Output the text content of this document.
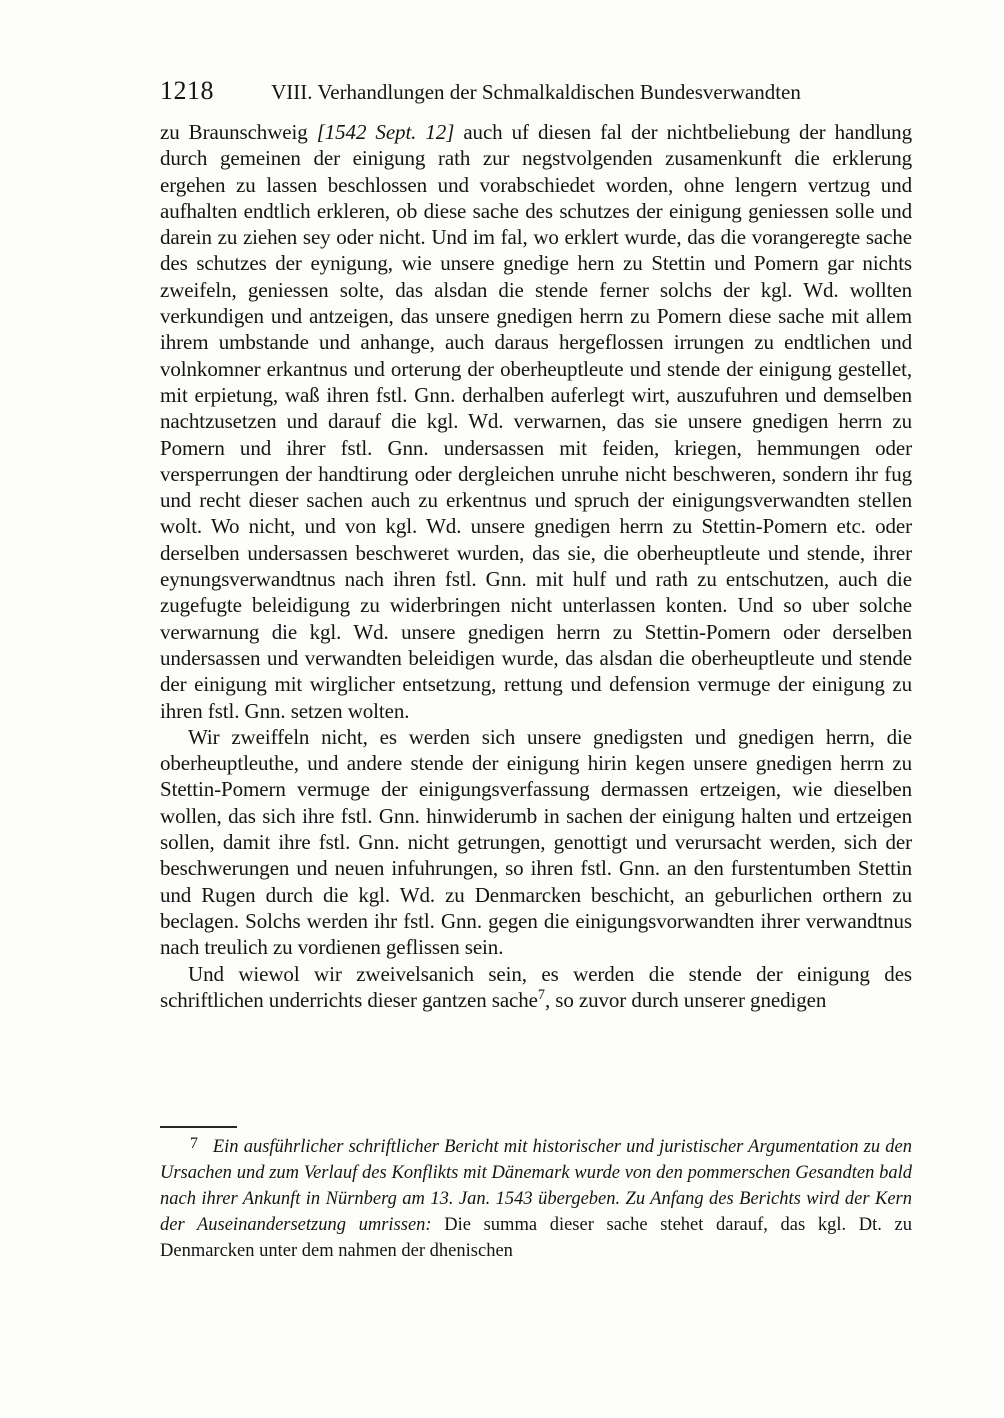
1218	VIII. Verhandlungen der Schmalkaldischen Bundesverwandten

zu Braunschweig [1542 Sept. 12] auch uf diesen fal der nichtbeliebung der handlung durch gemeinen der einigung rath zur negstvolgenden zusamenkunft die erklerung ergehen zu lassen beschlossen und vorabschiedet worden, ohne lengern vertzug und aufhalten endtlich erkleren, ob diese sache des schutzes der einigung geniessen solle und darein zu ziehen sey oder nicht. Und im fal, wo erklert wurde, das die vorangeregte sache des schutzes der eynigung, wie unsere gnedige hern zu Stettin und Pomern gar nichts zweifeln, geniessen solte, das alsdan die stende ferner solchs der kgl. Wd. wollten verkundigen und antzeigen, das unsere gnedigen herrn zu Pomern diese sache mit allem ihrem umbstande und anhange, auch daraus hergeflossen irrungen zu endtlichen und volnkomner erkantnus und orterung der oberheuptleute und stende der einigung gestellet, mit erpietung, waß ihren fstl. Gnn. derhalben auferlegt wirt, auszufuhren und demselben nachtzusetzen und darauf die kgl. Wd. verwarnen, das sie unsere gnedigen herrn zu Pomern und ihrer fstl. Gnn. undersassen mit feiden, kriegen, hemmungen oder versperrungen der handtirung oder dergleichen unruhe nicht beschweren, sondern ihr fug und recht dieser sachen auch zu erkentnus und spruch der einigungsverwandten stellen wolt. Wo nicht, und von kgl. Wd. unsere gnedigen herrn zu Stettin-Pomern etc. oder derselben undersassen beschweret wurden, das sie, die oberheuptleute und stende, ihrer eynungsverwandtnus nach ihren fstl. Gnn. mit hulf und rath zu entschutzen, auch die zugefugte beleidigung zu widerbringen nicht unterlassen konten. Und so uber solche verwarnung die kgl. Wd. unsere gnedigen herrn zu Stettin-Pomern oder derselben undersassen und verwandten beleidigen wurde, das alsdan die oberheuptleute und stende der einigung mit wirglicher entsetzung, rettung und defension vermuge der einigung zu ihren fstl. Gnn. setzen wolten.

Wir zweiffeln nicht, es werden sich unsere gnedigsten und gnedigen herrn, die oberheuptleuthe, und andere stende der einigung hirin kegen unsere gnedigen herrn zu Stettin-Pomern vermuge der einigungsverfassung dermassen ertzeigen, wie dieselben wollen, das sich ihre fstl. Gnn. hinwiderumb in sachen der einigung halten und ertzeigen sollen, damit ihre fstl. Gnn. nicht getrungen, genottigt und verursacht werden, sich der beschwerungen und neuen infuhrungen, so ihren fstl. Gnn. an den furstentumben Stettin und Rugen durch die kgl. Wd. zu Denmarcken beschicht, an geburlichen orthern zu beclagen. Solchs werden ihr fstl. Gnn. gegen die einigungsvorwandten ihrer verwandtnus nach treulich zu vordienen geflissen sein.

Und wiewol wir zweivelsanich sein, es werden die stende der einigung des schriftlichen underrichts dieser gantzen sache$^7$, so zuvor durch unserer gnedigen

$^7$ Ein ausführlicher schriftlicher Bericht mit historischer und juristischer Argumentation zu den Ursachen und zum Verlauf des Konflikts mit Dänemark wurde von den pommerschen Gesandten bald nach ihrer Ankunft in Nürnberg am 13. Jan. 1543 übergeben. Zu Anfang des Berichts wird der Kern der Auseinandersetzung umrissen: Die summa dieser sache stehet darauf, das kgl. Dt. zu Denmarcken unter dem nahmen der dhenischen
